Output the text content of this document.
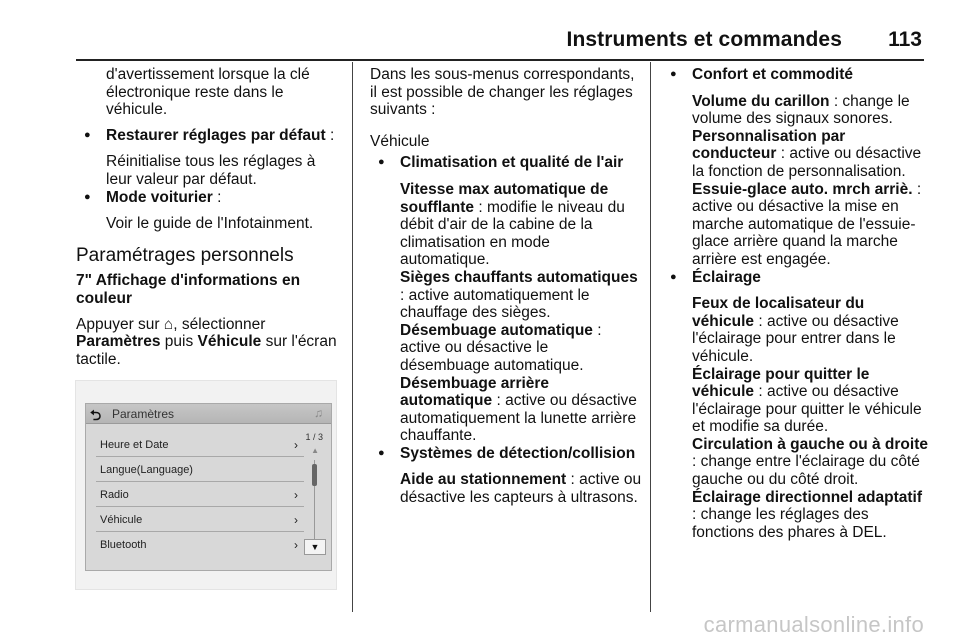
Instruments et commandes 113

d'avertissement lorsque la clé électronique reste dans le véhicule.

● Restaurer réglages par défaut :

Réinitialise tous les réglages à leur valeur par défaut.

● Mode voiturier :

Voir le guide de l'Infotainment.

Paramétrages personnels
7" Affichage d'informations en couleur

Appuyer sur ⌂, sélectionner Paramètres puis Véhicule sur l'écran tactile.

⮌ Paramètres	♫
Heure et Date	›
Langue(Language)
Radio	›
Véhicule	›
Bluetooth	›
1 / 3
▲
▼

Dans les sous-menus correspondants, il est possible de changer les réglages suivants :

Véhicule

● Climatisation et qualité de l'air

Vitesse max automatique de soufflante : modifie le niveau du débit d'air de la cabine de la climatisation en mode automatique.

Sièges chauffants automatiques : active automatiquement le chauffage des sièges.

Désembuage automatique : active ou désactive le désembuage automatique.

Désembuage arrière automatique : active ou désactive automatiquement la lunette arrière chauffante.

● Systèmes de détection/collision

Aide au stationnement : active ou désactive les capteurs à ultrasons.

● Confort et commodité

Volume du carillon : change le volume des signaux sonores.

Personnalisation par conducteur : active ou désactive la fonction de personnalisation.

Essuie-glace auto. mrch arriè. : active ou désactive la mise en marche automatique de l'essuie-glace arrière quand la marche arrière est engagée.

● Éclairage

Feux de localisateur du véhicule : active ou désactive l'éclairage pour entrer dans le véhicule.

Éclairage pour quitter le véhicule : active ou désactive l'éclairage pour quitter le véhicule et modifie sa durée.

Circulation à gauche ou à droite : change entre l'éclairage du côté gauche ou du côté droit.

Éclairage directionnel adaptatif : change les réglages des fonctions des phares à DEL.

carmanualsonline.info
